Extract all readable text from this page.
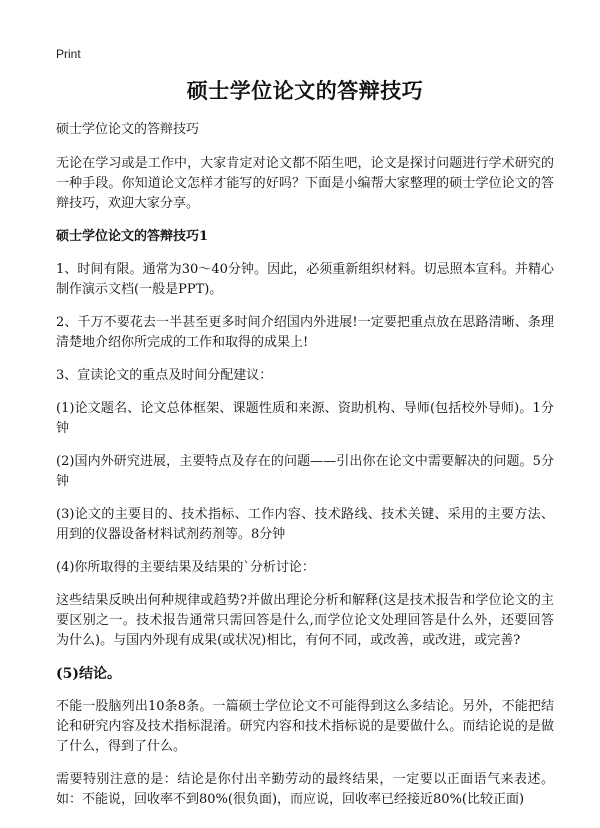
Print
硕士学位论文的答辩技巧
硕士学位论文的答辩技巧
无论在学习或是工作中，大家肯定对论文都不陌生吧，论文是探讨问题进行学术研究的一种手段。你知道论文怎样才能写的好吗？下面是小编帮大家整理的硕士学位论文的答辩技巧，欢迎大家分享。
硕士学位论文的答辩技巧1
1、时间有限。通常为30～40分钟。因此，必须重新组织材料。切忌照本宣科。并精心制作演示文档(一般是PPT)。
2、千万不要花去一半甚至更多时间介绍国内外进展!一定要把重点放在思路清晰、条理清楚地介绍你所完成的工作和取得的成果上!
3、宣读论文的重点及时间分配建议：
(1)论文题名、论文总体框架、课题性质和来源、资助机构、导师(包括校外导师)。1分钟
(2)国内外研究进展，主要特点及存在的问题——引出你在论文中需要解决的问题。5分钟
(3)论文的主要目的、技术指标、工作内容、技术路线、技术关键、采用的主要方法、用到的仪器设备材料试剂药剂等。8分钟
(4)你所取得的主要结果及结果的`分析讨论：
这些结果反映出何种规律或趋势?并做出理论分析和解释(这是技术报告和学位论文的主要区别之一。技术报告通常只需回答是什么,而学位论文处理回答是什么外，还要回答为什么)。与国内外现有成果(或状况)相比，有何不同，或改善，或改进，或完善?
(5)结论。
不能一股脑列出10条8条。一篇硕士学位论文不可能得到这么多结论。另外，不能把结论和研究内容及技术指标混淆。研究内容和技术指标说的是要做什么。而结论说的是做了什么，得到了什么。
需要特别注意的是：结论是你付出辛勤劳动的最终结果，一定要以正面语气来表述。如：不能说，回收率不到80%(很负面)，而应说，回收率已经接近80%(比较正面)
